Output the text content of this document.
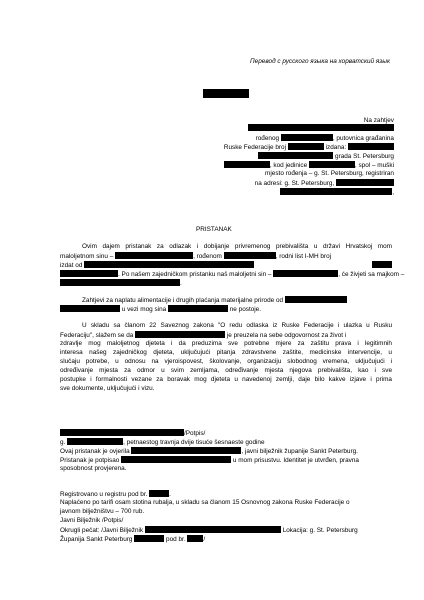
Перевод с русского языка на хорватский язык
Na zahtjev
rođenog	, putovnica građanina
Ruske Federacije broj	izdana:
grada St. Petersburg
, kod jedinice	, spol – muški
mjesto rođenja – g. St. Petersburg, registriran
na adresi: g. St. Petersburg,
,
PRISTANAK
Ovim dajem pristanak za odlazak i dobijanje privremenog prebivališta u državi Hrvatskoj mom
maloljetnom sinu –	, rođenom	, rodni list I-MH broj
izdat od
. Po našem zajedničkom pristanku naš maloljetni sin –	, će živjeti sa majkom –
.
Zahtjevi za naplatu alimentacije i drugih plaćanja materijalne prirode od
u vezi mog sina	ne postoje.
U skladu sa članom 22 Saveznog zakona "O redu odlaska iz Ruske Federacije i ulazka u Rusku
Federaciju", slažem se da	je preuzela na sebe odgovornost za život i
zdravlje mog maloljetnog djeteta i da preduzima sve potrebne mjere za zaštitu prava i legitimnih
interesa našeg zajedničkog djeteta, uključujući pitanja zdravstvene zaštite, medicinske intervencije, u
slučaju potrebe, u odnosu na vjeroispovest, školovanje, organizaciju slobodnog vremena, uključujući i
određivanje mjesta za odmor u svim zemljama, određivanje mjesta njegova prebivališta, kao i sve
postupke i formalnosti vezane za boravak mog djeteta u navedenoj zemlji, daje bilo kakve izjave i prima
sve dokumente, uključujući i vizu.
/Potpis/
g.	, petnaestog travnja dvije tisuće šesnaeste godine
Ovaj pristanak je ovjerila	, javni bilježnik županije Sankt Peterburg.
Pristanak je potpisao	u mom prisustvu. Identitet je utvrđen, pravna
sposobnost provjerena.
Registrovano u registru pod br.	.
Naplaćeno po tarifi osam stotina rubalja, u skladu sa članom 15 Osnovnog zakona Ruske Federacije o
javnom bilježništvu – 700 rub.
Javni Bilježnik /Potpis/
Okrugli pečat: /Javni Bilježnik	Lokacija: g. St. Petersburg
Županija Sankt Peterburg	pod br.	/
